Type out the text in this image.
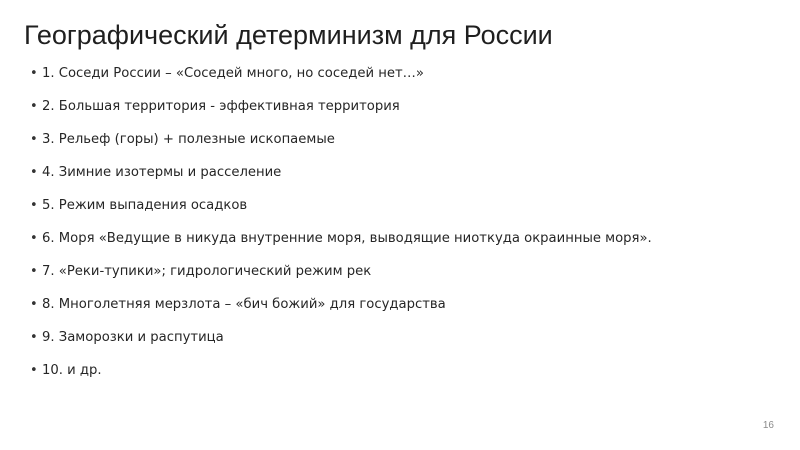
Географический детерминизм для России
• 1. Соседи России – «Соседей много, но соседей нет…»
• 2. Большая территория - эффективная территория
• 3. Рельеф (горы) + полезные ископаемые
• 4. Зимние изотермы и расселение
• 5. Режим выпадения осадков
• 6. Моря «Ведущие в никуда внутренние моря, выводящие ниоткуда окраинные моря».
• 7. «Реки-тупики»; гидрологический режим рек
• 8. Многолетняя мерзлота – «бич божий» для государства
• 9. Заморозки и распутица
• 10. и др.
16
